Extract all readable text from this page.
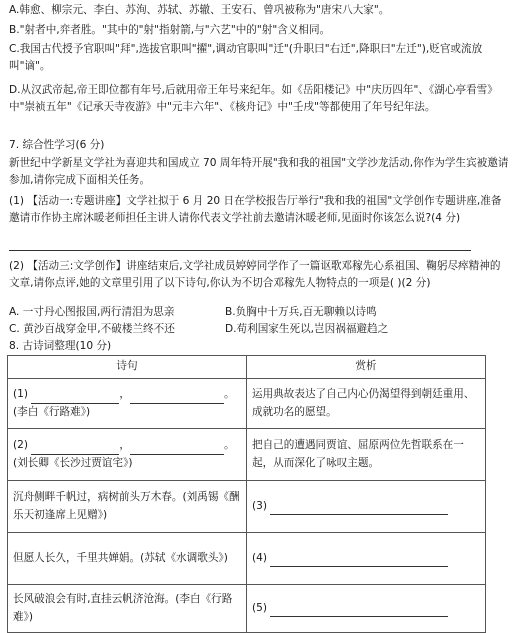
A.韩愈、柳宗元、李白、苏洵、苏轼、苏辙、王安石、曾巩被称为"唐宋八大家"。

B."射者中,弈者胜。"其中的"射"指射箭,与"六艺"中的"射"含义相同。

C.我国古代授予官职叫"拜",选拔官职叫"擢",调动官职叫"迁"(升职曰"右迁",降职曰"左迁"),贬官或流放叫"谪"。

D.从汉武帝起,帝王即位都有年号,后就用帝王年号来纪年。如《岳阳楼记》中"庆历四年"、《湖心亭看雪》中"崇祯五年"《记承天寺夜游》中"元丰六年"、《核舟记》中"壬戌"等都使用了年号纪年法。

7. 综合性学习(6 分)

新世纪中学新星文学社为喜迎共和国成立 70 周年特开展"我和我的祖国"文学沙龙活动,你作为学生宾被邀请参加,请你完成下面相关任务。

(1) 【活动一:专题讲座】文学社拟于 6 月 20 日在学校报告厅举行"我和我的祖国"文学创作专题讲座,准备邀请市作协主席沐暖老师担任主讲人请你代表文学社前去邀请沐暖老师,见面时你该怎么说?(4 分)

(2) 【活动三:文学创作】讲座结束后,文学社成员婷婷同学作了一篇讴歌邓稼先心系祖国、鞠躬尽瘁精神的文章,请你点评,她的文章里引用了以下诗句,你认为不切合邓稼先人物特点的一项是( )(2 分)

A. 一寸丹心图报国,两行清泪为思亲	B.负胸中十万兵,百无聊赖以诗鸣
C. 黄沙百战穿金甲,不破楼兰终不还	D.苟利国家生死以,岂因祸福避趋之

8. 古诗词整理(10 分)

诗句	赏析

(1) ， 。
(李白《行路难》)	运用典故表达了自己内心仍渴望得到朝廷重用、成就功名的愿望。

(2) ， 。
(刘长卿《长沙过贾谊宅》)	把自己的遭遇同贾谊、屈原两位先哲联系在一起，从而深化了咏叹主题。
沉舟侧畔千帆过，病树前头万木春。(刘禹锡《酬乐天初逢席上见赠》)	(3)
但愿人长久，千里共婵娟。(苏轼《水调歌头》)	(4)
长风破浪会有时,直挂云帆济沧海。(李白《行路难》)	(5)
